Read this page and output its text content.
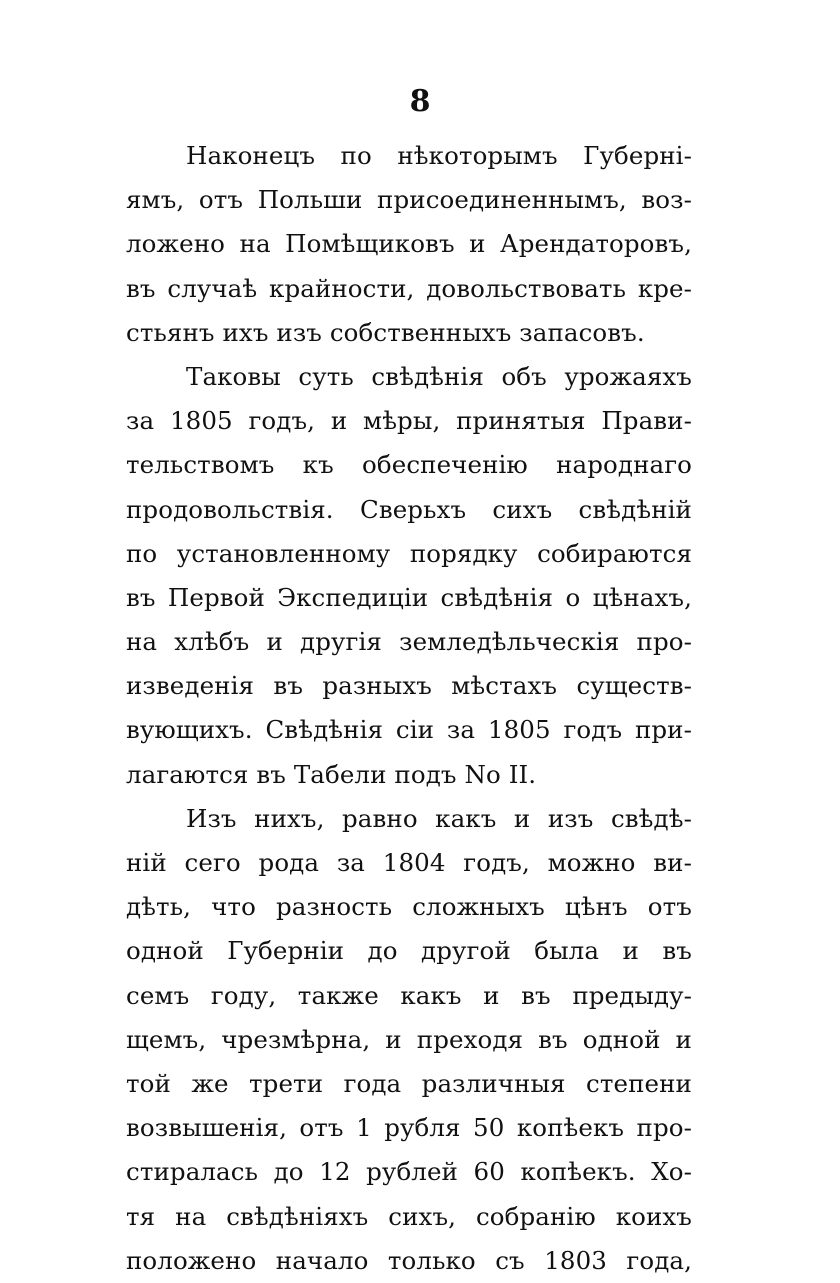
8
Наконецъ по нѣкоторымъ Губерні-
ямъ, отъ Польши присоединеннымъ, воз-
ложено на Помѣщиковъ и Арендаторовъ,
въ случаѣ крайности, довольствовать кре-
стьянъ ихъ изъ собственныхъ запасовъ.
Таковы суть свѣдѣнія объ урожаяхъ
за 1805 годъ, и мѣры, принятыя Прави-
тельствомъ къ обеспеченію народнаго
продовольствія. Сверьхъ сихъ свѣдѣній
по установленному порядку собираются
въ Первой Экспедиціи свѣдѣнія о цѣнахъ,
на хлѣбъ и другія земледѣльческія про-
изведенія въ разныхъ мѣстахъ существ-
вующихъ. Свѣдѣнія сіи за 1805 годъ при-
лагаются въ Табели подъ No II.
Изъ нихъ, равно какъ и изъ свѣдѣ-
ній сего рода за 1804 годъ, можно ви-
дѣть, что разность сложныхъ цѣнъ отъ
одной Губерніи до другой была и въ
семъ году, также какъ и въ предыду-
щемъ, чрезмѣрна, и преходя въ одной и
той же трети года различныя степени
возвышенія, отъ 1 рубля 50 копѣекъ про-
стиралась до 12 рублей 60 копѣекъ. Хо-
тя на свѣдѣніяхъ сихъ, собранію коихъ
положено начало только съ 1803 года,
